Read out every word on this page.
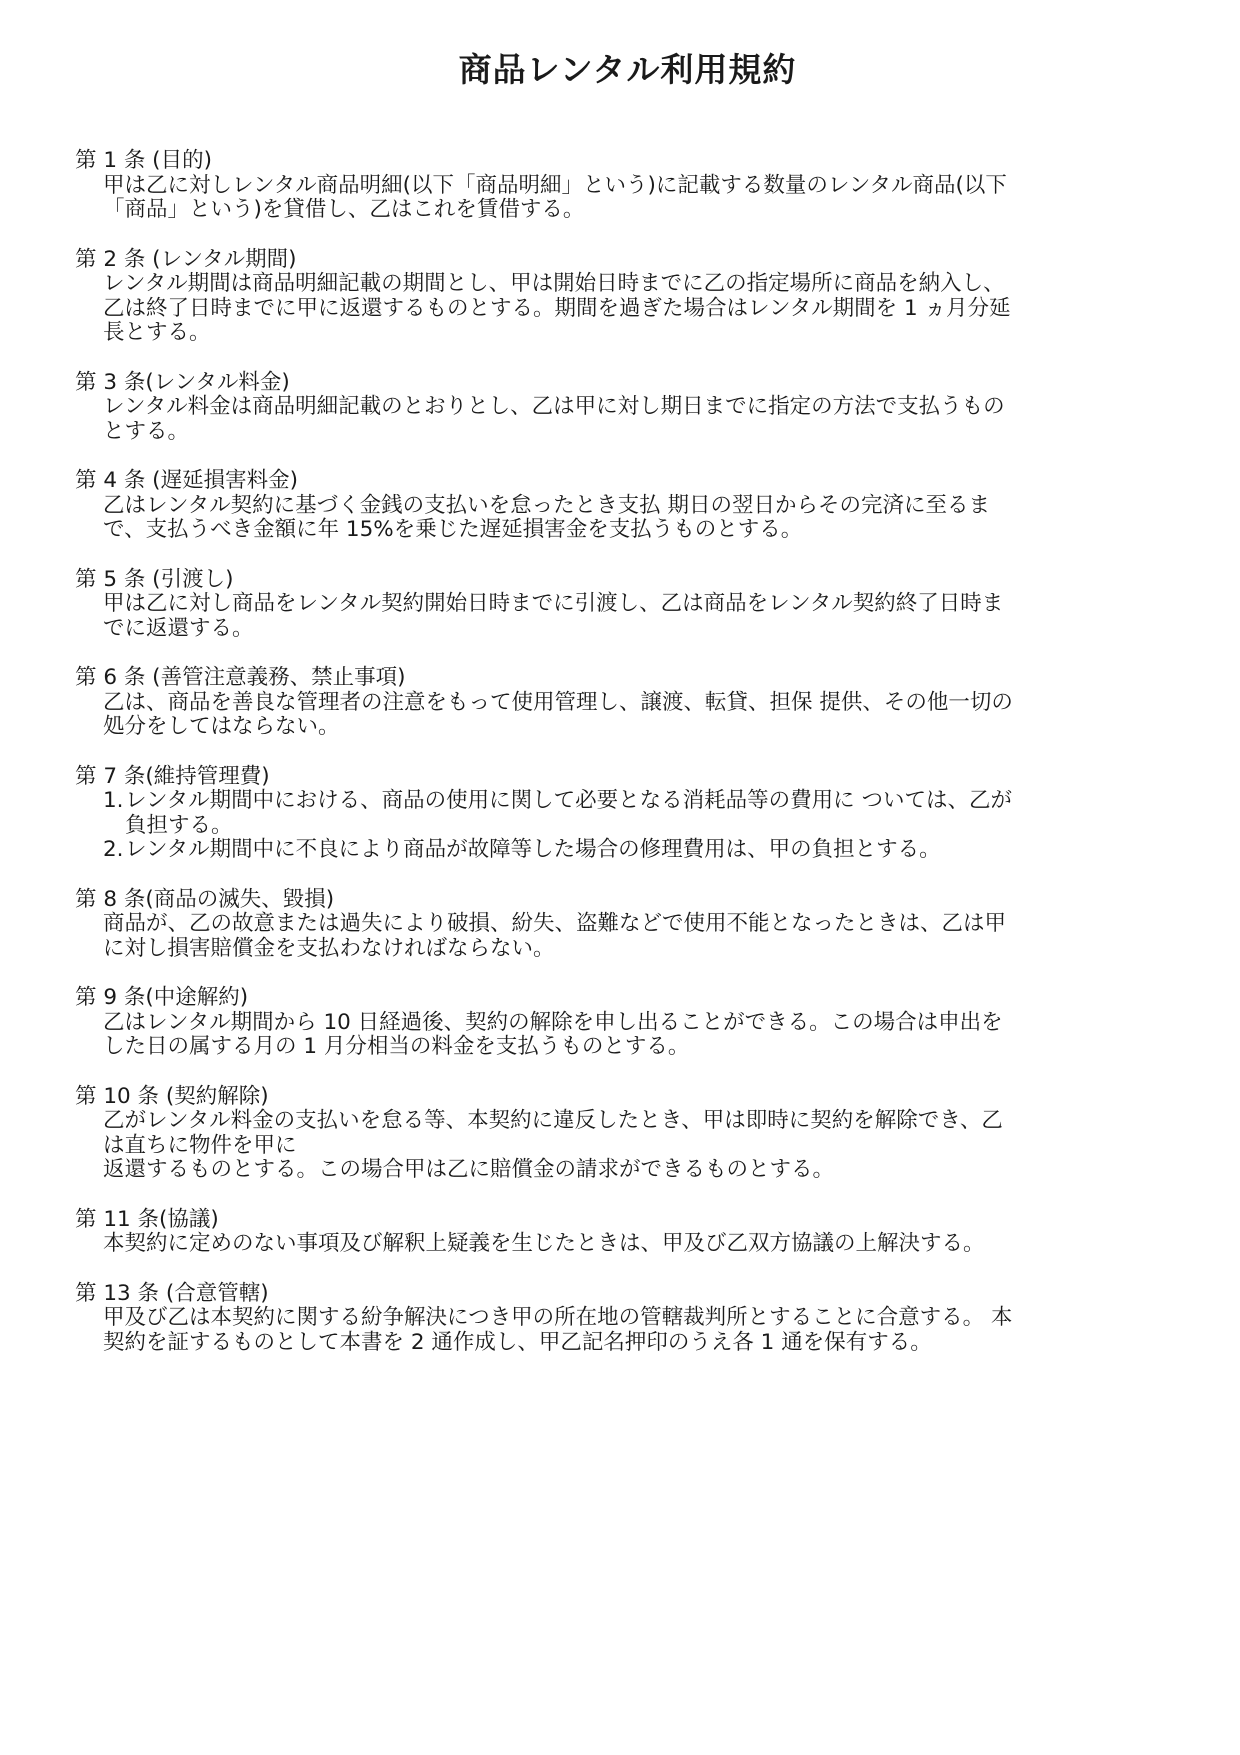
商品レンタル利用規約

第 1 条 (目的)

甲は乙に対しレンタル商品明細(以下「商品明細」という)に記載する数量のレンタル商品(以下
「商品」という)を貸借し、乙はこれを賃借する。

第 2 条 (レンタル期間)

レンタル期間は商品明細記載の期間とし、甲は開始日時までに乙の指定場所に商品を納入し、
乙は終了日時までに甲に返還するものとする。期間を過ぎた場合はレンタル期間を 1 ヵ月分延
長とする。

第 3 条(レンタル料金)

レンタル料金は商品明細記載のとおりとし、乙は甲に対し期日までに指定の方法で支払うもの
とする。

第 4 条 (遅延損害料金)

乙はレンタル契約に基づく金銭の支払いを怠ったとき支払 期日の翌日からその完済に至るま
で、支払うべき金額に年 15%を乗じた遅延損害金を支払うものとする。

第 5 条 (引渡し)

甲は乙に対し商品をレンタル契約開始日時までに引渡し、乙は商品をレンタル契約終了日時ま
でに返還する。

第 6 条 (善管注意義務、禁止事項)

乙は、商品を善良な管理者の注意をもって使用管理し、譲渡、転貸、担保 提供、その他一切の
処分をしてはならない。

第 7 条(維持管理費)

1. レンタル期間中における、商品の使用に関して必要となる消耗品等の費用に ついては、乙が
負担する。
2. レンタル期間中に不良により商品が故障等した場合の修理費用は、甲の負担とする。

第 8 条(商品の滅失、毀損)

商品が、乙の故意または過失により破損、紛失、盗難などで使用不能となったときは、乙は甲
に対し損害賠償金を支払わなければならない。

第 9 条(中途解約)

乙はレンタル期間から 10 日経過後、契約の解除を申し出ることができる。この場合は申出を
した日の属する月の 1 月分相当の料金を支払うものとする。

第 10 条 (契約解除)

乙がレンタル料金の支払いを怠る等、本契約に違反したとき、甲は即時に契約を解除でき、乙
は直ちに物件を甲に
返還するものとする。この場合甲は乙に賠償金の請求ができるものとする。

第 11 条(協議)

本契約に定めのない事項及び解釈上疑義を生じたときは、甲及び乙双方協議の上解決する。

第 13 条 (合意管轄)

甲及び乙は本契約に関する紛争解決につき甲の所在地の管轄裁判所とすることに合意する。 本
契約を証するものとして本書を 2 通作成し、甲乙記名押印のうえ各 1 通を保有する。
